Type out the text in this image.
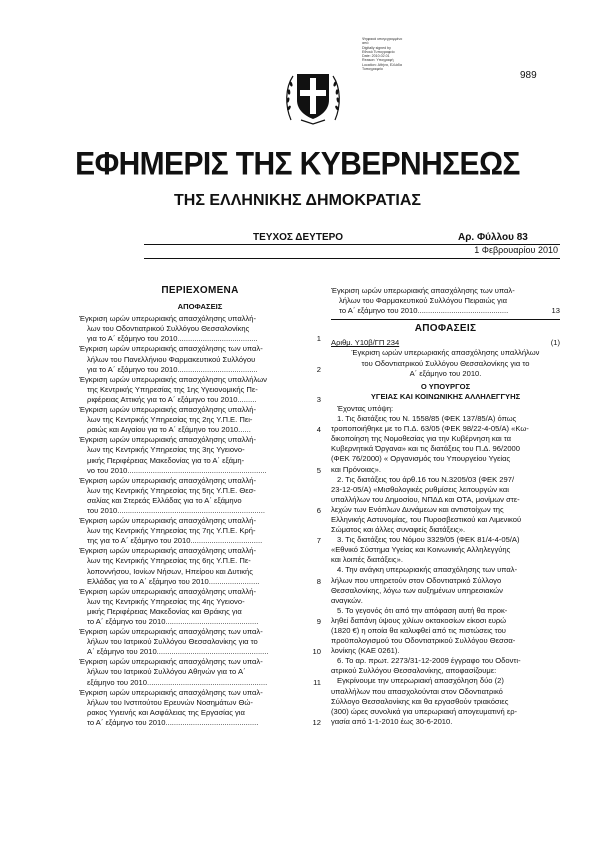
Ψηφιακά υπογεγραμμένο
από
Digitally signed by
Εθνικό Τυπογραφείο
Date: 2010.02.01
Reason: Υπογραφή
Location: Αθήνα, Ελλάδα
Τυπογραφείο
989
ΕΦΗΜΕΡΙΣ ΤΗΣ ΚΥΒΕΡΝΗΣΕΩΣ
ΤΗΣ ΕΛΛΗΝΙΚΗΣ ΔΗΜΟΚΡΑΤΙΑΣ
ΤΕΥΧΟΣ ΔΕΥΤΕΡΟ	Αρ. Φύλλου 83
1 Φεβρουαρίου 2010
ΠΕΡΙΕΧΟΜΕΝΑ
ΑΠΟΦΑΣΕΙΣ
Έγκριση ωρών υπερωριακής απασχόλησης υπαλλή-
λων του Οδοντιατρικού Συλλόγου Θεσσαλονίκης
για το Α΄ εξάμηνο του 2010......................................	1
Έγκριση ωρών υπερωριακής απασχόλησης των υπαλ-
λήλων του Πανελλήνιου Φαρμακευτικού Συλλόγου
για το Α΄ εξάμηνο του 2010......................................	2
Έγκριση ωρών υπερωριακής απασχόλησης υπαλλήλων
της Κεντρικής Υπηρεσίας της 1ης Υγειονομικής Πε-
ριφέρειας Αττικής για το Α΄ εξάμηνο του 2010.........	3
Έγκριση ωρών υπερωριακής απασχόλησης υπαλλή-
λων της Κεντρικής Υπηρεσίας της 2ης Υ.Π.Ε. Πει-
ραιώς και Αιγαίου για το Α΄ εξάμηνο του 2010......	4
Έγκριση ωρών υπερωριακής απασχόλησης υπαλλή-
λων της Κεντρικής Υπηρεσίας της 3ης Υγειονο-
μικής Περιφέρειας Μακεδονίας για το Α΄ εξάμη-
νο του 2010..................................................................	5
Έγκριση ωρών υπερωριακής απασχόλησης υπαλλή-
λων της Κεντρικής Υπηρεσίας της 5ης Υ.Π.Ε. Θεσ-
σαλίας και Στερεάς Ελλάδας για το Α΄ εξάμηνο
του 2010......................................................................	6
Έγκριση ωρών υπερωριακής απασχόλησης υπαλλή-
λων της Κεντρικής Υπηρεσίας της 7ης Υ.Π.Ε. Κρή-
της για το Α΄ εξάμηνο του 2010..................................	7
Έγκριση ωρών υπερωριακής απασχόλησης υπαλλή-
λων της Κεντρικής Υπηρεσίας της 6ης Υ.Π.Ε. Πε-
λοποννήσου, Ιονίων Νήσων, Ηπείρου και Δυτικής
Ελλάδας για το Α΄ εξάμηνο του 2010........................	8
Έγκριση ωρών υπερωριακής απασχόλησης υπαλλή-
λων της Κεντρικής Υπηρεσίας της 4ης Υγειονο-
μικής Περιφέρειας Μακεδονίας και Θράκης για
το Α΄ εξάμηνο του 2010............................................	9
Έγκριση ωρών υπερωριακής απασχόλησης των υπαλ-
λήλων του Ιατρικού Συλλόγου Θεσσαλονίκης για το
Α΄ εξάμηνο του 2010.....................................................	10
Έγκριση ωρών υπερωριακής απασχόλησης των υπαλ-
λήλων του Ιατρικού Συλλόγου Αθηνών για το Α΄
εξάμηνο του 2010.........................................................	11
Έγκριση ωρών υπερωριακής απασχόλησης των υπαλ-
λήλων του Ινστιτούτου Ερευνών Νοσημάτων Θώ-
ρακος Υγιεινής και Ασφάλειας της Εργασίας για
το Α΄ εξάμηνο του 2010............................................	12
Έγκριση ωρών υπερωριακής απασχόλησης των υπαλ-
λήλων του Φαρμακευτικού Συλλόγου Πειραιώς για
το Α΄ εξάμηνο του 2010...........................................	13
ΑΠΟΦΑΣΕΙΣ
Αριθμ. Υ10β/ΓΠ 234	(1)
Έγκριση ωρών υπερωριακής απασχόλησης υπαλλήλων
του Οδοντιατρικού Συλλόγου Θεσσαλονίκης για το
Α΄ εξάμηνο του 2010.
Ο ΥΠΟΥΡΓΟΣ
ΥΓΕΙΑΣ ΚΑΙ ΚΟΙΝΩΝΙΚΗΣ ΑΛΛΗΛΕΓΓΥΗΣ
Έχοντας υπόψη:
1. Τις διατάξεις του Ν. 1558/85 (ΦΕΚ 137/85/Α) όπως
τροποποιήθηκε με το Π.Δ. 63/05 (ΦΕΚ 98/22-4-05/Α) «Κω-
δικοποίηση της Νομοθεσίας για την Κυβέρνηση και τα
Κυβερνητικά Όργανα» και τις διατάξεις του Π.Δ. 96/2000
(ΦΕΚ 76/2000) « Οργανισμός του Υπουργείου Υγείας
και Πρόνοιας».
2. Τις διατάξεις του άρθ.16 του Ν.3205/03 (ΦΕΚ 297/
23-12-05/Α) «Μισθολογικές ρυθμίσεις λειτουργών και
υπαλλήλων του Δημοσίου, ΝΠΔΔ και ΟΤΑ, μονίμων στε-
λεχών των Ενόπλων Δυνάμεων και αντιστοίχων της
Ελληνικής Αστυνομίας, του Πυροσβεστικού και Λιμενικού
Σώματος και άλλες συναφείς διατάξεις».
3. Τις διατάξεις του Νόμου 3329/05 (ΦΕΚ 81/4-4-05/Α)
«Εθνικό Σύστημα Υγείας και Κοινωνικής Αλληλεγγύης
και λοιπές διατάξεις».
4. Την ανάγκη υπερωριακής απασχόλησης των υπαλ-
λήλων που υπηρετούν στον Οδοντιατρικό Σύλλογο
Θεσσαλονίκης, λόγω των αυξημένων υπηρεσιακών
αναγκών.
5. Το γεγονός ότι από την απόφαση αυτή θα προκ-
ληθεί δαπάνη ύψους χιλίων οκτακοσίων είκοσι ευρώ
(1820 €) η οποία θα καλυφθεί από τις πιστώσεις του
προϋπολογισμού του Οδοντιατρικού Συλλόγου Θεσσα-
λονίκης (ΚΑΕ 0261).
6. Το αρ. πρωτ. 2273/31-12-2009 έγγραφο του Οδοντι-
ατρικού Συλλόγου Θεσσαλονίκης, αποφασίζουμε:
Εγκρίνουμε την υπερωριακή απασχόληση δύο (2)
υπαλλήλων που απασχολούνται στον Οδοντιατρικό
Σύλλογο Θεσσαλονίκης και θα εργασθούν τριακόσιες
(300) ώρες συνολικά για υπερωριακή απογευματινή ερ-
γασία από 1-1-2010 έως 30-6-2010.
